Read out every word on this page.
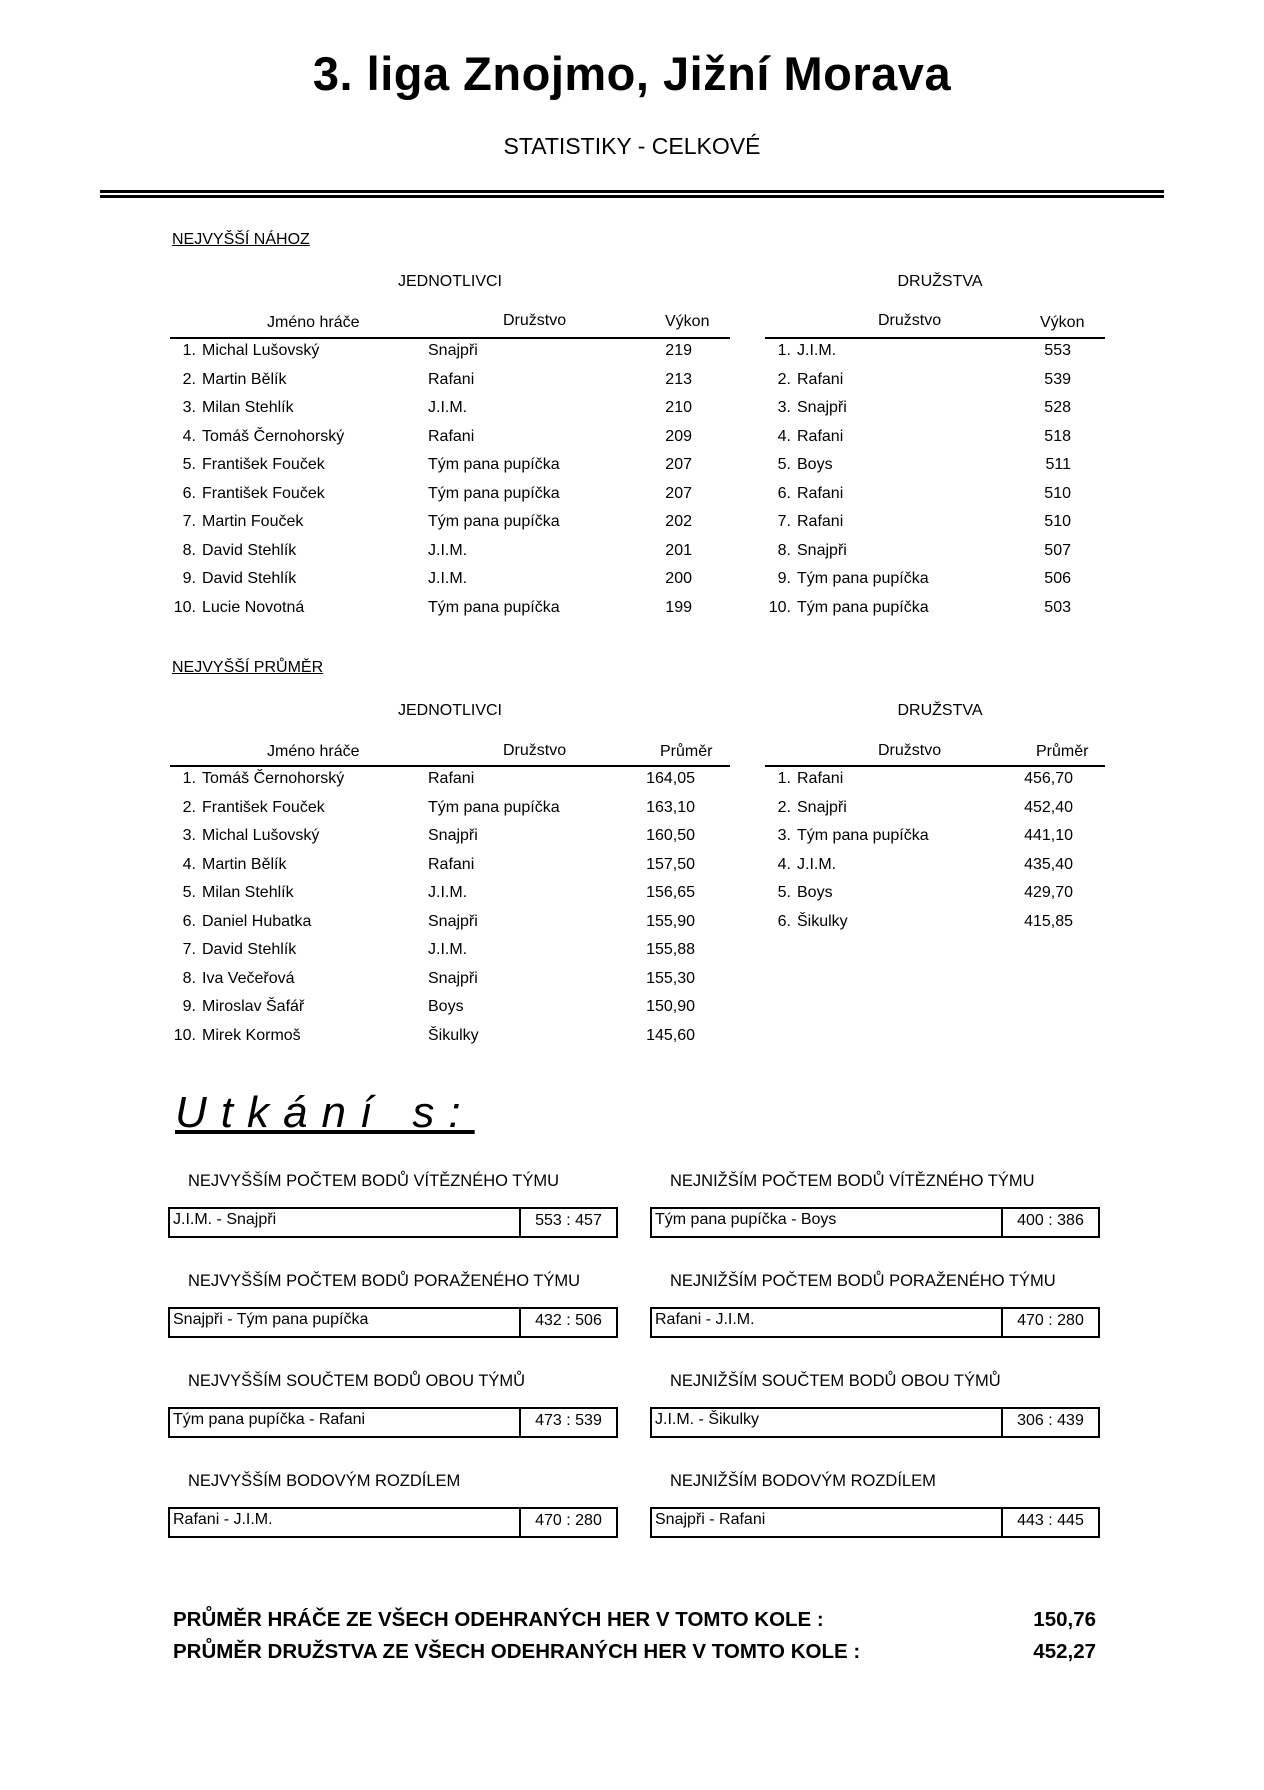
3. liga Znojmo, Jižní Morava
STATISTIKY - CELKOVÉ
NEJVYŠŠÍ NÁHOZ
JEDNOTLIVCI	DRUŽSTVA
Jméno hráče	Družstvo	Výkon	Družstvo	Výkon
1.	Michal Lušovský	Snajpři	219
2.	Martin Bělík	Rafani	213
3.	Milan Stehlík	J.I.M.	210
4.	Tomáš Černohorský	Rafani	209
5.	František Fouček	Tým pana pupíčka	207
6.	František Fouček	Tým pana pupíčka	207
7.	Martin Fouček	Tým pana pupíčka	202
8.	David Stehlík	J.I.M.	201
9.	David Stehlík	J.I.M.	200
10.	Lucie Novotná	Tým pana pupíčka	199
1.	J.I.M.	553
2.	Rafani	539
3.	Snajpři	528
4.	Rafani	518
5.	Boys	511
6.	Rafani	510
7.	Rafani	510
8.	Snajpři	507
9.	Tým pana pupíčka	506
10.	Tým pana pupíčka	503
NEJVYŠŠÍ PRŮMĚR
JEDNOTLIVCI	DRUŽSTVA
Jméno hráče	Družstvo	Průměr	Družstvo	Průměr
1.	Tomáš Černohorský	Rafani	164,05
2.	František Fouček	Tým pana pupíčka	163,10
3.	Michal Lušovský	Snajpři	160,50
4.	Martin Bělík	Rafani	157,50
5.	Milan Stehlík	J.I.M.	156,65
6.	Daniel Hubatka	Snajpři	155,90
7.	David Stehlík	J.I.M.	155,88
8.	Iva Večeřová	Snajpři	155,30
9.	Miroslav Šafář	Boys	150,90
10.	Mirek Kormoš	Šikulky	145,60
1.	Rafani	456,70
2.	Snajpři	452,40
3.	Tým pana pupíčka	441,10
4.	J.I.M.	435,40
5.	Boys	429,70
6.	Šikulky	415,85
Utkání s:
NEJVYŠŠÍM POČTEM BODŮ VÍTĚZNÉHO TÝMU
J.I.M. - Snajpři	553 : 457
NEJNIŽŠÍM POČTEM BODŮ VÍTĚZNÉHO TÝMU
Tým pana pupíčka - Boys	400 : 386
NEJVYŠŠÍM POČTEM BODŮ PORAŽENÉHO TÝMU
Snajpři - Tým pana pupíčka	432 : 506
NEJNIŽŠÍM POČTEM BODŮ PORAŽENÉHO TÝMU
Rafani - J.I.M.	470 : 280
NEJVYŠŠÍM SOUČTEM BODŮ OBOU TÝMŮ
Tým pana pupíčka - Rafani	473 : 539
NEJNIŽŠÍM SOUČTEM BODŮ OBOU TÝMŮ
J.I.M. - Šikulky	306 : 439
NEJVYŠŠÍM BODOVÝM ROZDÍLEM
Rafani - J.I.M.	470 : 280
NEJNIŽŠÍM BODOVÝM ROZDÍLEM
Snajpři - Rafani	443 : 445
PRŮMĚR HRÁČE ZE VŠECH ODEHRANÝCH HER V TOMTO KOLE :	150,76
PRŮMĚR DRUŽSTVA ZE VŠECH ODEHRANÝCH HER V TOMTO KOLE :	452,27
